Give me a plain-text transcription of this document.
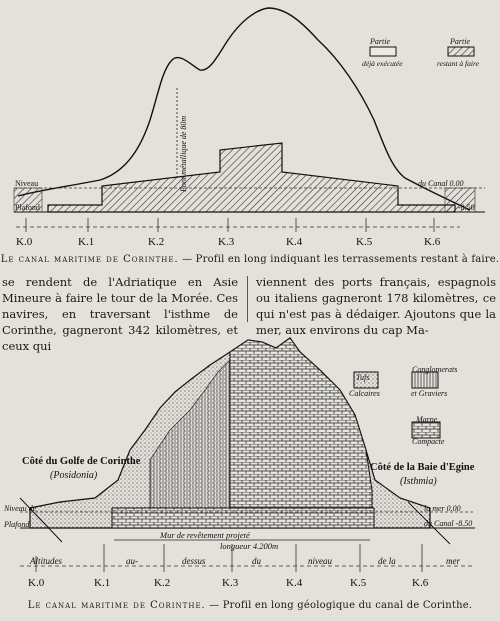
Pont métallique de 80m
Partie
déjà exécutée
Partie
restant à faire
Niveau
Plafond
du Canal 0.00
-8.50
K.0	K.1	K.2	K.3	K.4	K.5	K.6
Le canal maritime de Corinthe. — Profil en long indiquant les terrassements restant à faire.
se rendent de l'Adriatique en Asie Mineure à faire le tour de la Morée. Ces navires, en traversant l'isthme de Corinthe, gagneront 342 kilomètres, et ceux qui
viennent des ports français, espagnols ou italiens gagneront 178 kilomètres, ce qui n'est pas à dédaiger. Ajoutons que la mer, aux environs du cap Ma-
Mur de revêtement projeté
longueur 4.200m
Tufs
Calcaires
Conglomerats
et Graviers
Marne
Compacte
Côté du Golfe de Corinthe
(Posidonia)
Côté de la Baie d'Egine
(Isthmia)
Niveau de
Plafond
la mer 0.00
du Canal -8.50
Altitudes	au-	dessus	du	niveau	de la	mer
K.0	K.1	K.2	K.3	K.4	K.5	K.6
Le canal maritime de Corinthe. — Profil en long géologique du canal de Corinthe.
